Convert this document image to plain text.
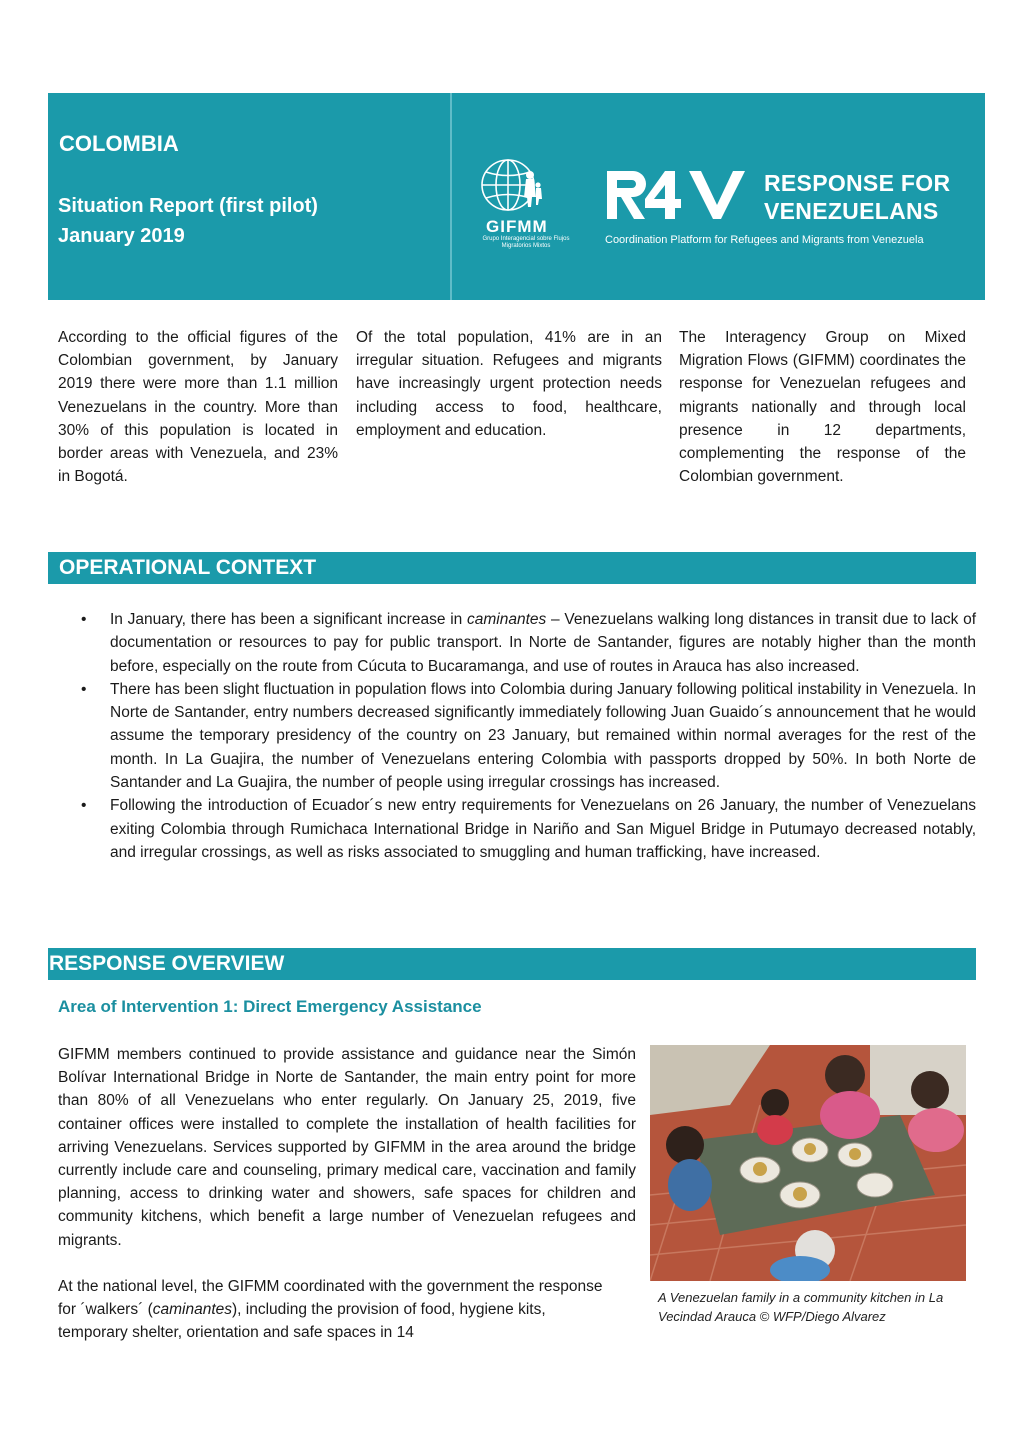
COLOMBIA
Situation Report (first pilot)
January 2019	GIFMM
Grupo Interagencial sobre Flujos Migratorios Mixtos
RESPONSE FOR
VENEZUELANS
Coordination Platform for Refugees and Migrants from Venezuela
According to the official figures of the Colombian government, by January 2019 there were more than 1.1 million Venezuelans in the country. More than 30% of this population is located in border areas with Venezuela, and 23% in Bogotá.
Of the total population, 41% are in an irregular situation. Refugees and migrants have increasingly urgent protection needs including access to food, healthcare, employment and education.
The Interagency Group on Mixed Migration Flows (GIFMM) coordinates the response for Venezuelan refugees and migrants nationally and through local presence in 12 departments, complementing the response of the Colombian government.
OPERATIONAL CONTEXT
• In January, there has been a significant increase in caminantes – Venezuelans walking long distances in transit due to lack of documentation or resources to pay for public transport. In Norte de Santander, figures are notably higher than the month before, especially on the route from Cúcuta to Bucaramanga, and use of routes in Arauca has also increased.
• There has been slight fluctuation in population flows into Colombia during January following political instability in Venezuela. In Norte de Santander, entry numbers decreased significantly immediately following Juan Guaido´s announcement that he would assume the temporary presidency of the country on 23 January, but remained within normal averages for the rest of the month. In La Guajira, the number of Venezuelans entering Colombia with passports dropped by 50%. In both Norte de Santander and La Guajira, the number of people using irregular crossings has increased.
• Following the introduction of Ecuador´s new entry requirements for Venezuelans on 26 January, the number of Venezuelans exiting Colombia through Rumichaca International Bridge in Nariño and San Miguel Bridge in Putumayo decreased notably, and irregular crossings, as well as risks associated to smuggling and human trafficking, have increased.
RESPONSE OVERVIEW
Area of Intervention 1: Direct Emergency Assistance
GIFMM members continued to provide assistance and guidance near the Simón Bolívar International Bridge in Norte de Santander, the main entry point for more than 80% of all Venezuelans who enter regularly. On January 25, 2019, five container offices were installed to complete the installation of health facilities for arriving Venezuelans. Services supported by GIFMM in the area around the bridge currently include care and counseling, primary medical care, vaccination and family planning, access to drinking water and showers, safe spaces for children and community kitchens, which benefit a large number of Venezuelan refugees and migrants.
At the national level, the GIFMM coordinated with the government the response for ´walkers´ (caminantes), including the provision of food, hygiene kits, temporary shelter, orientation and safe spaces in 14
A Venezuelan family in a community kitchen in La Vecindad Arauca © WFP/Diego Alvarez
